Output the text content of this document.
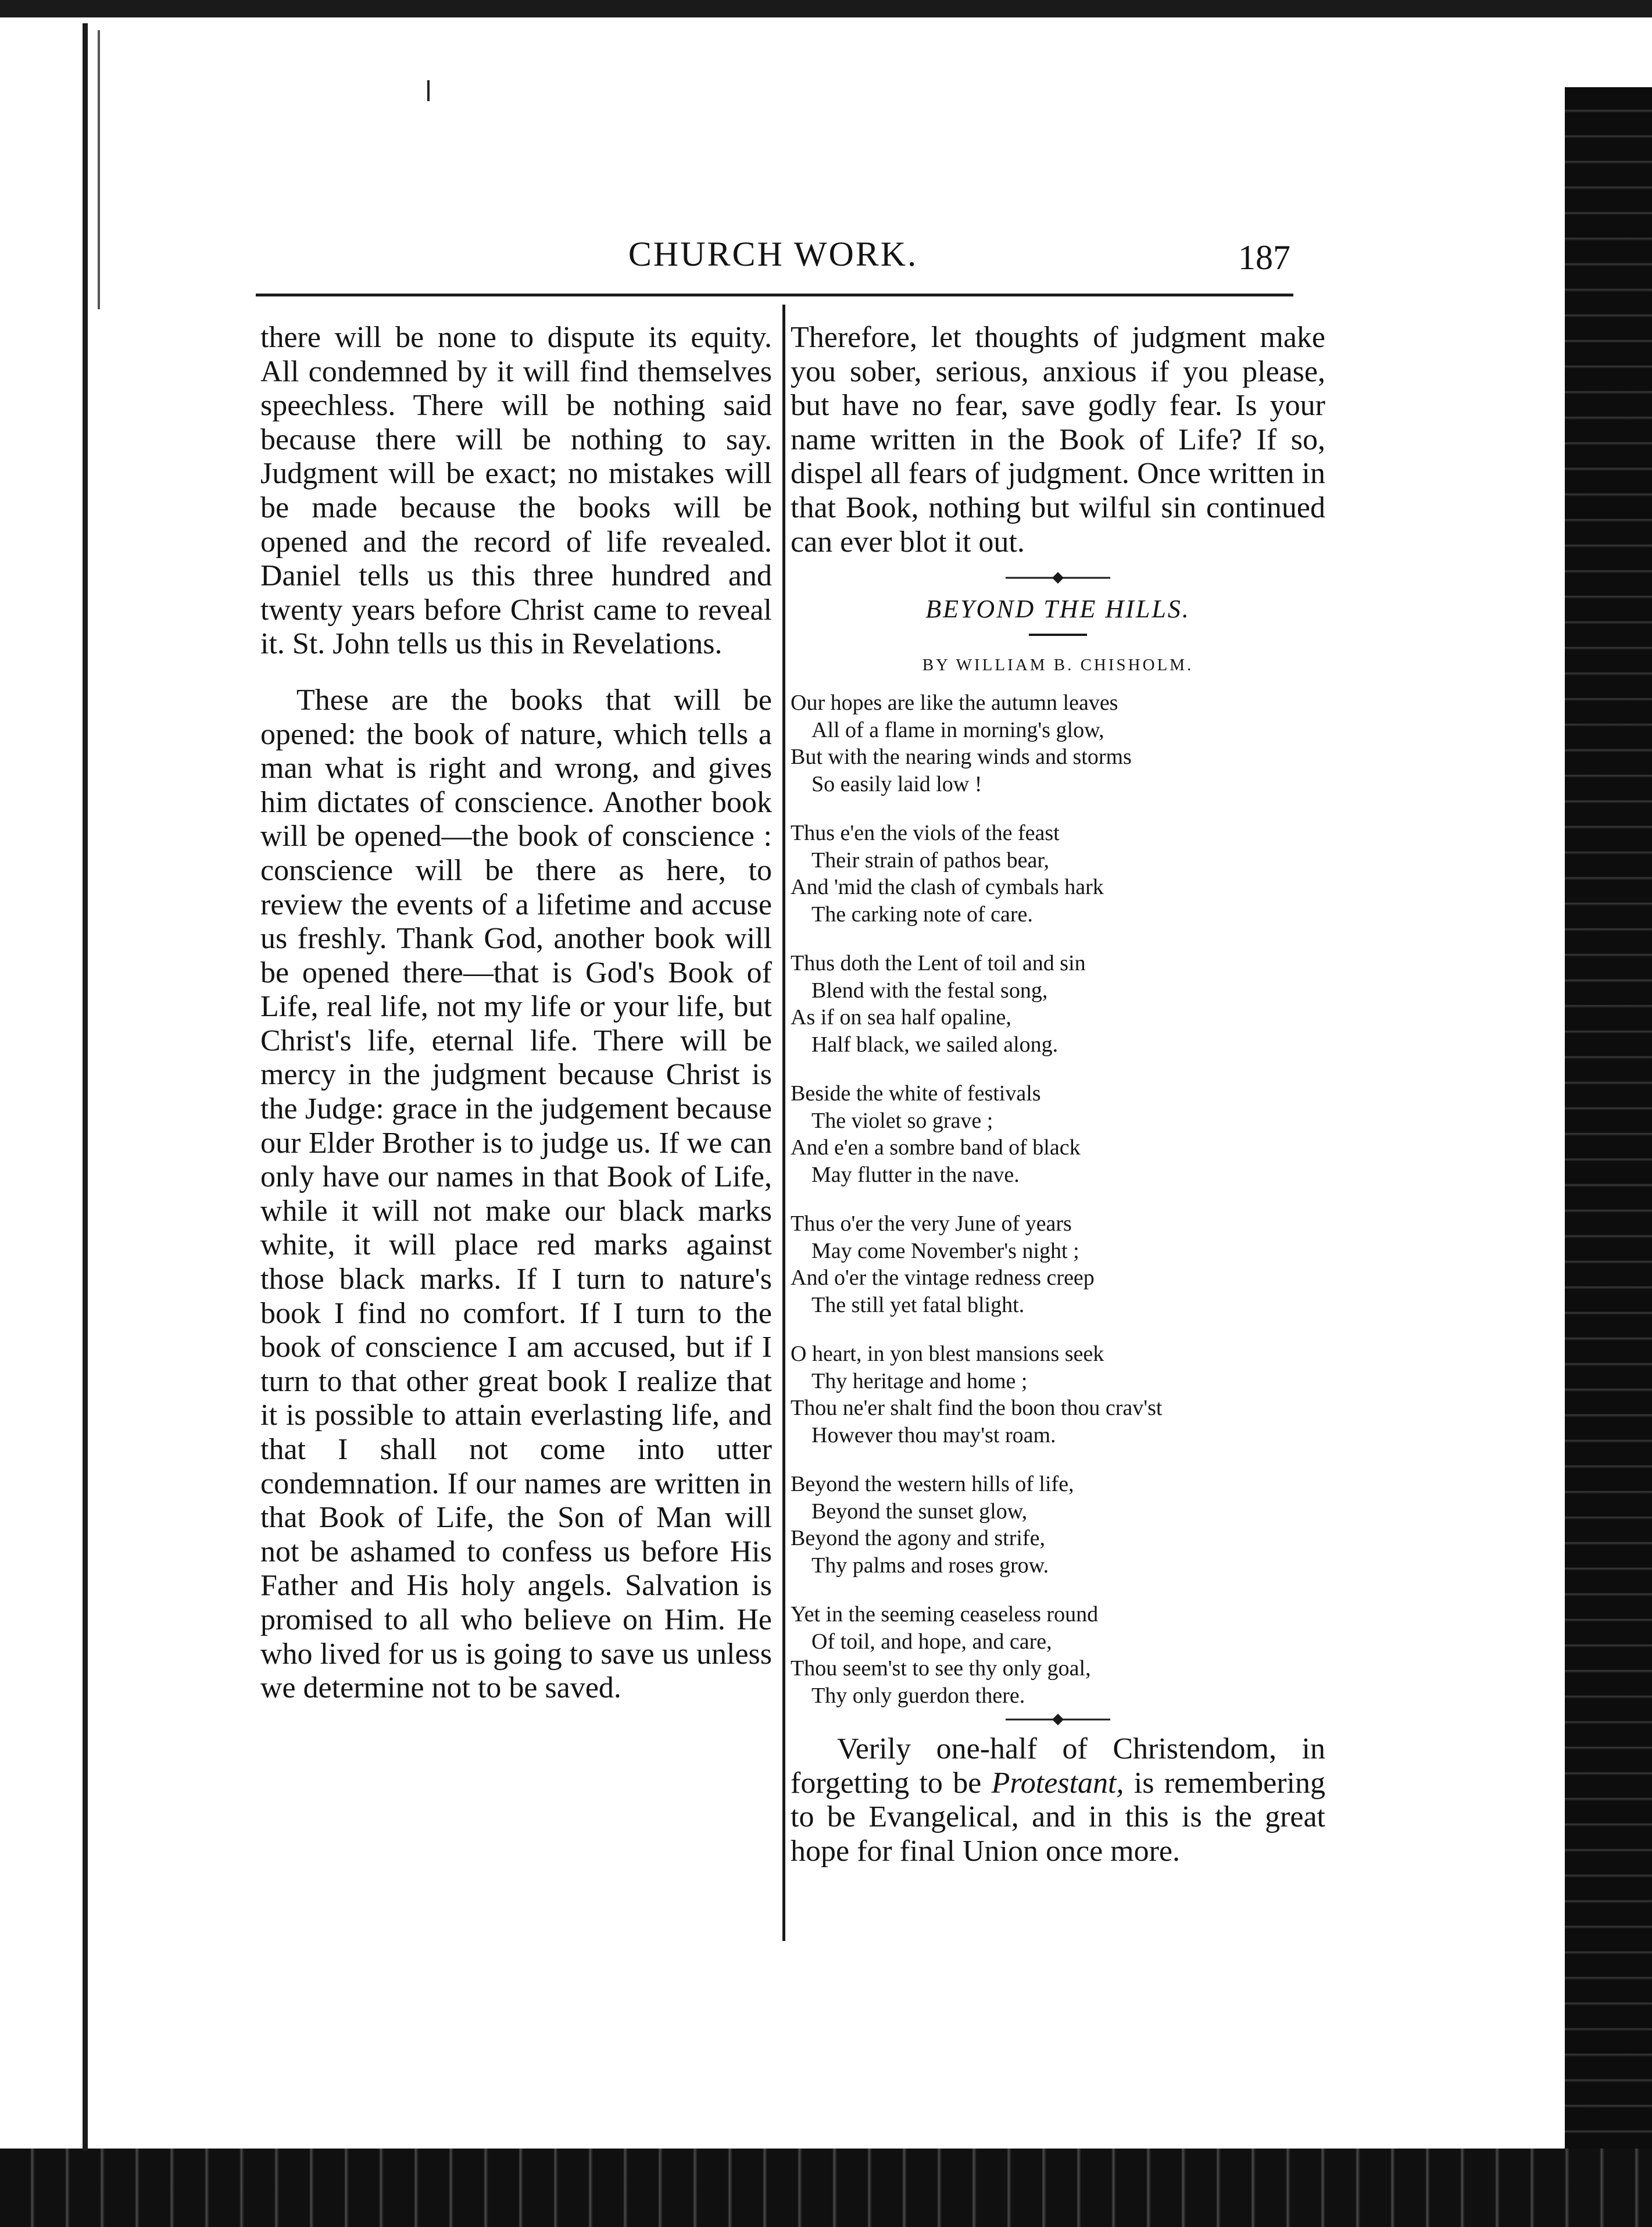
CHURCH WORK.	187

there will be none to dispute its equity. All condemned by it will find themselves speechless. There will be nothing said because there will be nothing to say. Judgment will be exact; no mistakes will be made because the books will be opened and the record of life revealed. Daniel tells us this three hundred and twenty years before Christ came to reveal it. St. John tells us this in Revelations.

These are the books that will be opened: the book of nature, which tells a man what is right and wrong, and gives him dictates of conscience. Another book will be opened—the book of conscience : conscience will be there as here, to review the events of a lifetime and accuse us freshly. Thank God, another book will be opened there—that is God's Book of Life, real life, not my life or your life, but Christ's life, eternal life. There will be mercy in the judgment because Christ is the Judge: grace in the judgement because our Elder Brother is to judge us. If we can only have our names in that Book of Life, while it will not make our black marks white, it will place red marks against those black marks. If I turn to nature's book I find no comfort. If I turn to the book of conscience I am accused, but if I turn to that other great book I realize that it is possible to attain everlasting life, and that I shall not come into utter condemnation. If our names are written in that Book of Life, the Son of Man will not be ashamed to confess us before His Father and His holy angels. Salvation is promised to all who believe on Him. He who lived for us is going to save us unless we determine not to be saved.

Therefore, let thoughts of judgment make you sober, serious, anxious if you please, but have no fear, save godly fear. Is your name written in the Book of Life? If so, dispel all fears of judgment. Once written in that Book, nothing but wilful sin continued can ever blot it out.

BEYOND THE HILLS.

BY WILLIAM B. CHISHOLM.

Our hopes are like the autumn leaves
All of a flame in morning's glow,
But with the nearing winds and storms
So easily laid low !
Thus e'en the viols of the feast
Their strain of pathos bear,
And 'mid the clash of cymbals hark
The carking note of care.
Thus doth the Lent of toil and sin
Blend with the festal song,
As if on sea half opaline,
Half black, we sailed along.
Beside the white of festivals
The violet so grave ;
And e'en a sombre band of black
May flutter in the nave.
Thus o'er the very June of years
May come November's night ;
And o'er the vintage redness creep
The still yet fatal blight.
O heart, in yon blest mansions seek
Thy heritage and home ;
Thou ne'er shalt find the boon thou crav'st
However thou may'st roam.
Beyond the western hills of life,
Beyond the sunset glow,
Beyond the agony and strife,
Thy palms and roses grow.
Yet in the seeming ceaseless round
Of toil, and hope, and care,
Thou seem'st to see thy only goal,
Thy only guerdon there.

Verily one-half of Christendom, in forgetting to be Protestant, is remembering to be Evangelical, and in this is the great hope for final Union once more.
